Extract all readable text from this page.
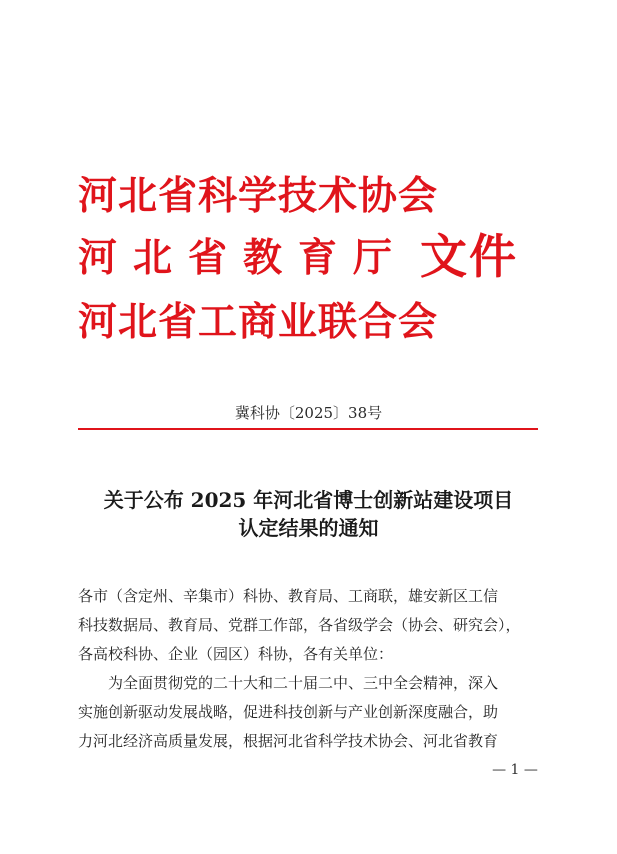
河北省科学技术协会
河北省教育厅
河北省工商业联合会
文件
冀科协〔2025〕38号
关于公布 2025 年河北省博士创新站建设项目
认定结果的通知
各市（含定州、辛集市）科协、教育局、工商联，雄安新区工信
科技数据局、教育局、党群工作部，各省级学会（协会、研究会），
各高校科协、企业（园区）科协，各有关单位：
为全面贯彻党的二十大和二十届二中、三中全会精神，深入
实施创新驱动发展战略，促进科技创新与产业创新深度融合，助
力河北经济高质量发展，根据河北省科学技术协会、河北省教育
— 1 —
